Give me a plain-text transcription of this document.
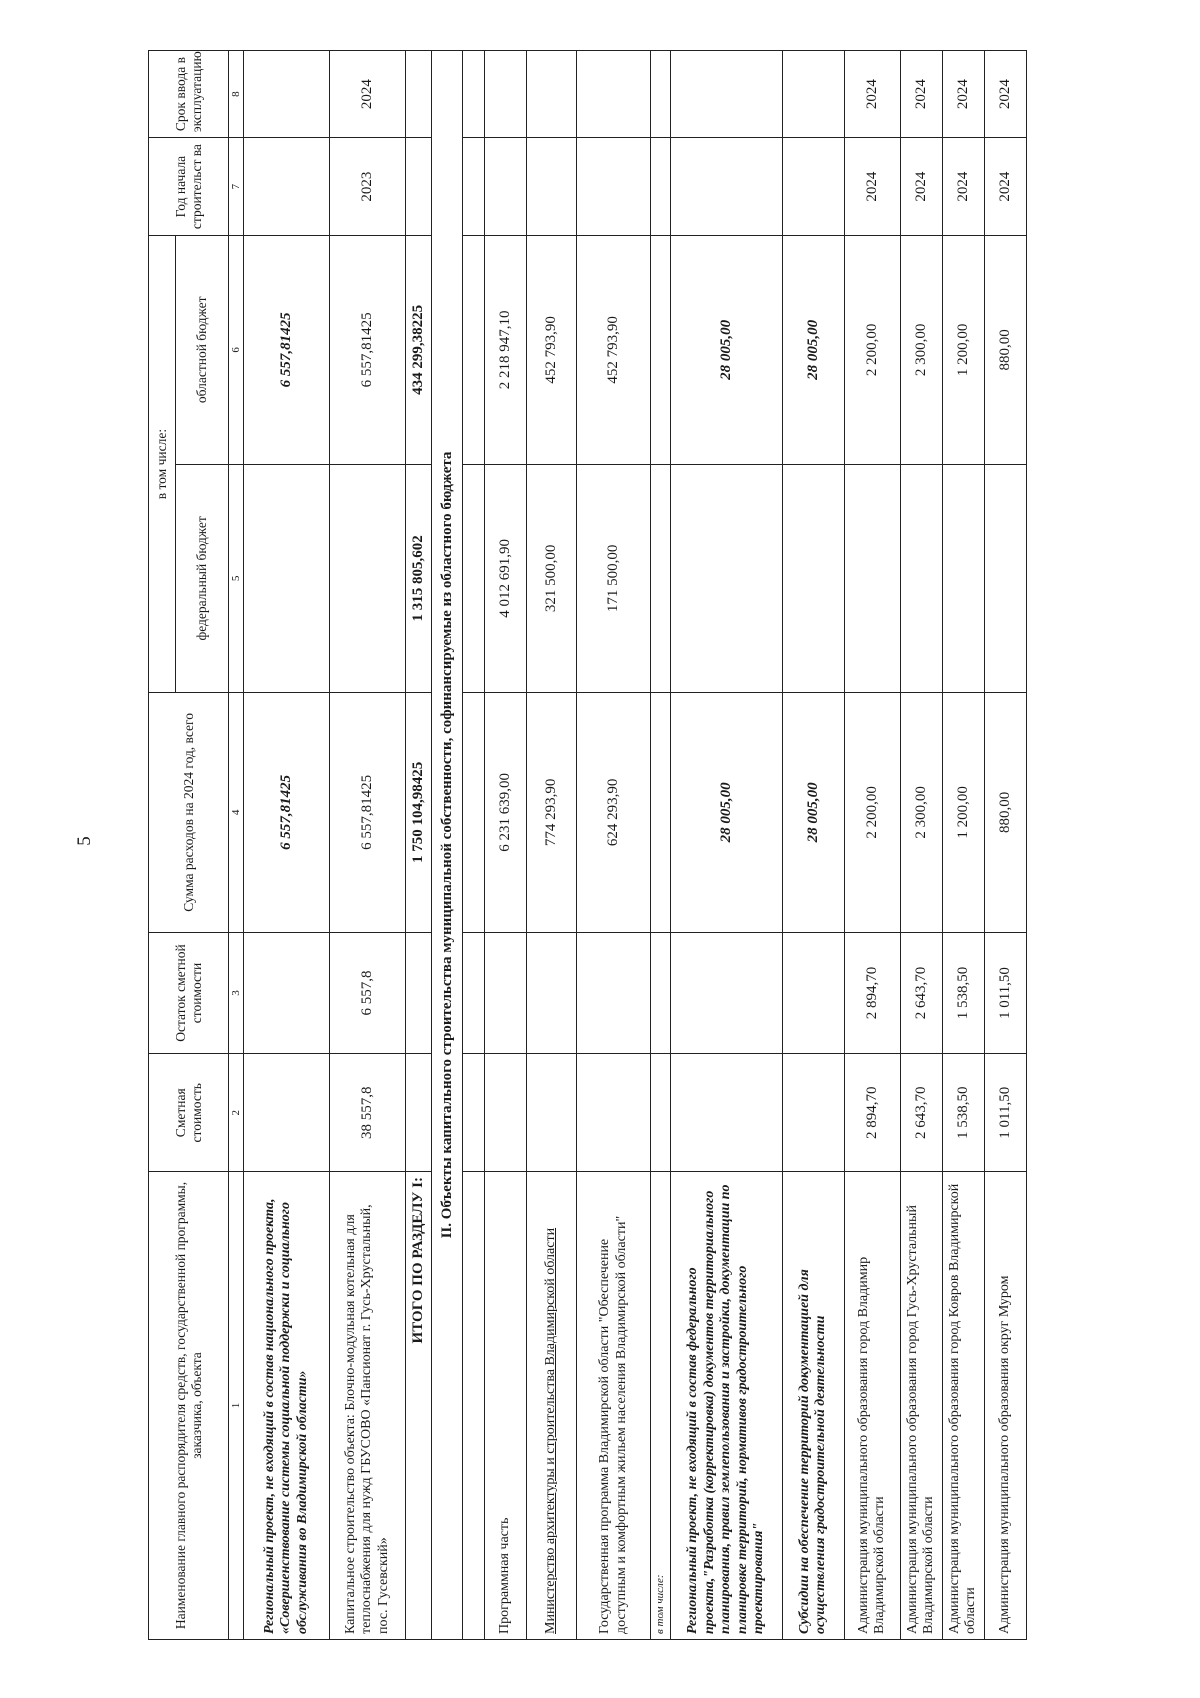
5
Наименование главного распорядителя средств, государственной программы, заказчика, объекта	Сметная стоимость	Остаток сметной стоимости	Сумма расходов на 2024 год, всего	в том числе:		Год начала строительст ва	Срок ввода в эксплуатацию
				федеральный бюджет	областной бюджет		
1	2	3	4	5	6	7	8
Региональный проект, не входящий в состав национального проекта, «Совершенствование системы социальной поддержки и социального обслуживания во Владимирской области»			6 557,81425		6 557,81425		
Капитальное строительство объекта: Блочно-модульная котельная для теплоснабжения для нужд ГБУСОВО «Пансионат г. Гусь-Хрустальный, пос. Гусевский»	38 557,8	6 557,8	6 557,81425		6 557,81425	2023	2024
ИТОГО ПО РАЗДЕЛУ I:			1 750 104,98425	1 315 805,602	434 299,38225		
II. Объекты капитального строительства муниципальной собственности, софинансируемые из областного бюджета							

Программная часть			6 231 639,00	4 012 691,90	2 218 947,10		
Министерство архитектуры и строительства Владимирской области			774 293,90	321 500,00	452 793,90		
Государственная программа Владимирской области "Обеспечение доступным и комфортным жильем населения Владимирской области"			624 293,90	171 500,00	452 793,90		
в том числе:							
Региональный проект, не входящий в состав федерального проекта,"Разработка (корректировка) документов территориального планирования, правил землепользования и застройки, документации по планировке территорий, нормативов градостроительного проектирования"			28 005,00		28 005,00		
Субсидии на обеспечение территорий документацией для осуществления градостроительной деятельности			28 005,00		28 005,00		
Администрация муниципального образования город Владимир Владимирской области	2 894,70	2 894,70	2 200,00		2 200,00	2024	2024
Администрация муниципального образования город Гусь-Хрустальный Владимирской области	2 643,70	2 643,70	2 300,00		2 300,00	2024	2024
Администрация муниципального образования город Ковров Владимирской области	1 538,50	1 538,50	1 200,00		1 200,00	2024	2024
Администрация муниципального образования округ Муром	1 011,50	1 011,50	880,00		880,00	2024	2024
